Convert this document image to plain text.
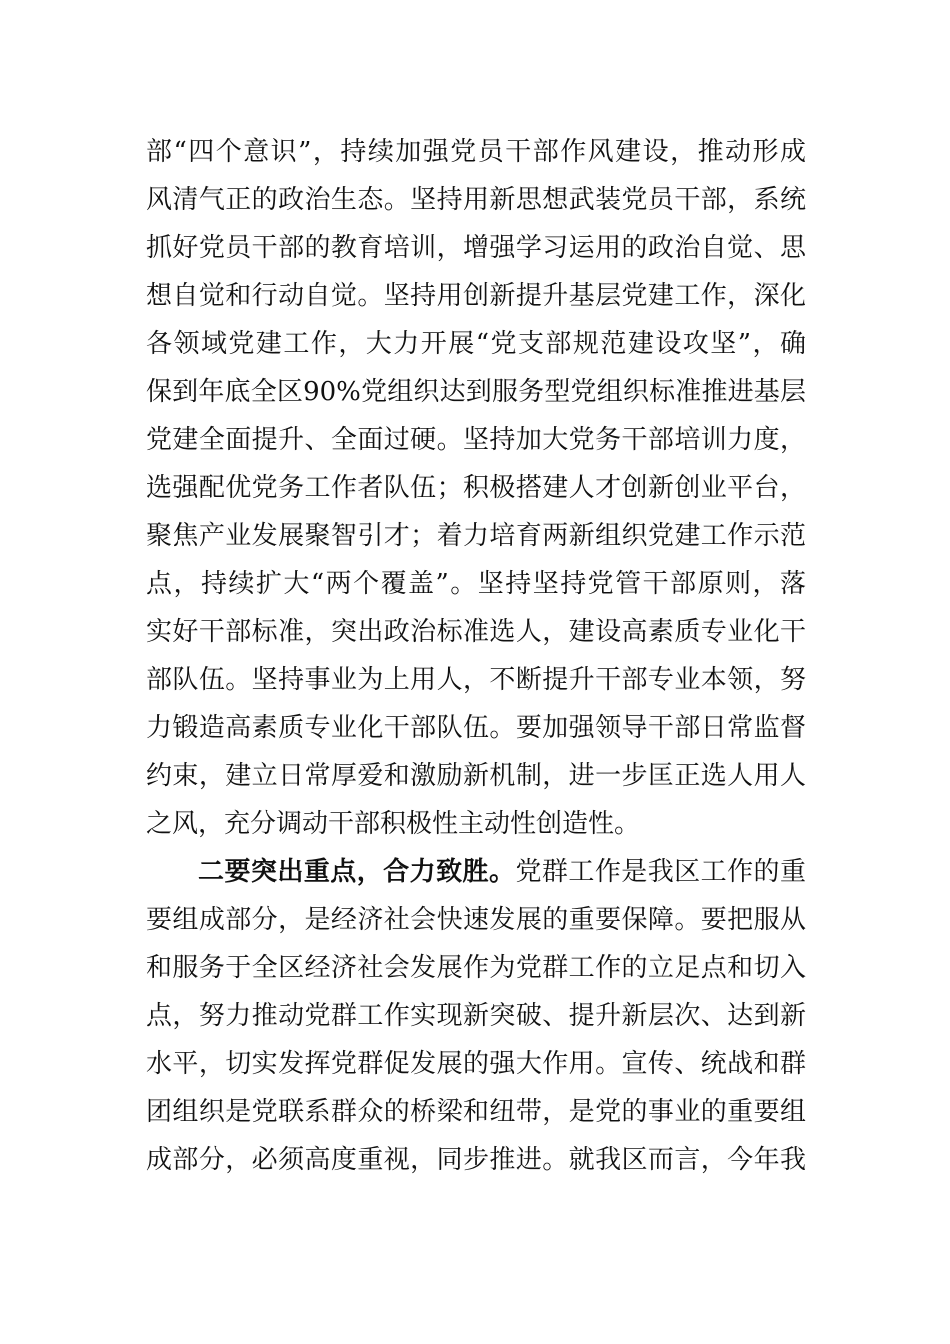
部“四个意识”，持续加强党员干部作风建设，推动形成
风清气正的政治生态。坚持用新思想武装党员干部，系统
抓好党员干部的教育培训，增强学习运用的政治自觉、思
想自觉和行动自觉。坚持用创新提升基层党建工作，深化
各领域党建工作，大力开展“党支部规范建设攻坚”，确
保到年底全区90%党组织达到服务型党组织标准推进基层
党建全面提升、全面过硬。坚持加大党务干部培训力度，
选强配优党务工作者队伍；积极搭建人才创新创业平台，
聚焦产业发展聚智引才；着力培育两新组织党建工作示范
点，持续扩大“两个覆盖”。坚持坚持党管干部原则，落
实好干部标准，突出政治标准选人，建设高素质专业化干
部队伍。坚持事业为上用人，不断提升干部专业本领，努
力锻造高素质专业化干部队伍。要加强领导干部日常监督
约束，建立日常厚爱和激励新机制，进一步匡正选人用人
之风，充分调动干部积极性主动性创造性。
二要突出重点，合力致胜。党群工作是我区工作的重
要组成部分，是经济社会快速发展的重要保障。要把服从
和服务于全区经济社会发展作为党群工作的立足点和切入
点，努力推动党群工作实现新突破、提升新层次、达到新
水平，切实发挥党群促发展的强大作用。宣传、统战和群
团组织是党联系群众的桥梁和纽带，是党的事业的重要组
成部分，必须高度重视，同步推进。就我区而言，今年我
